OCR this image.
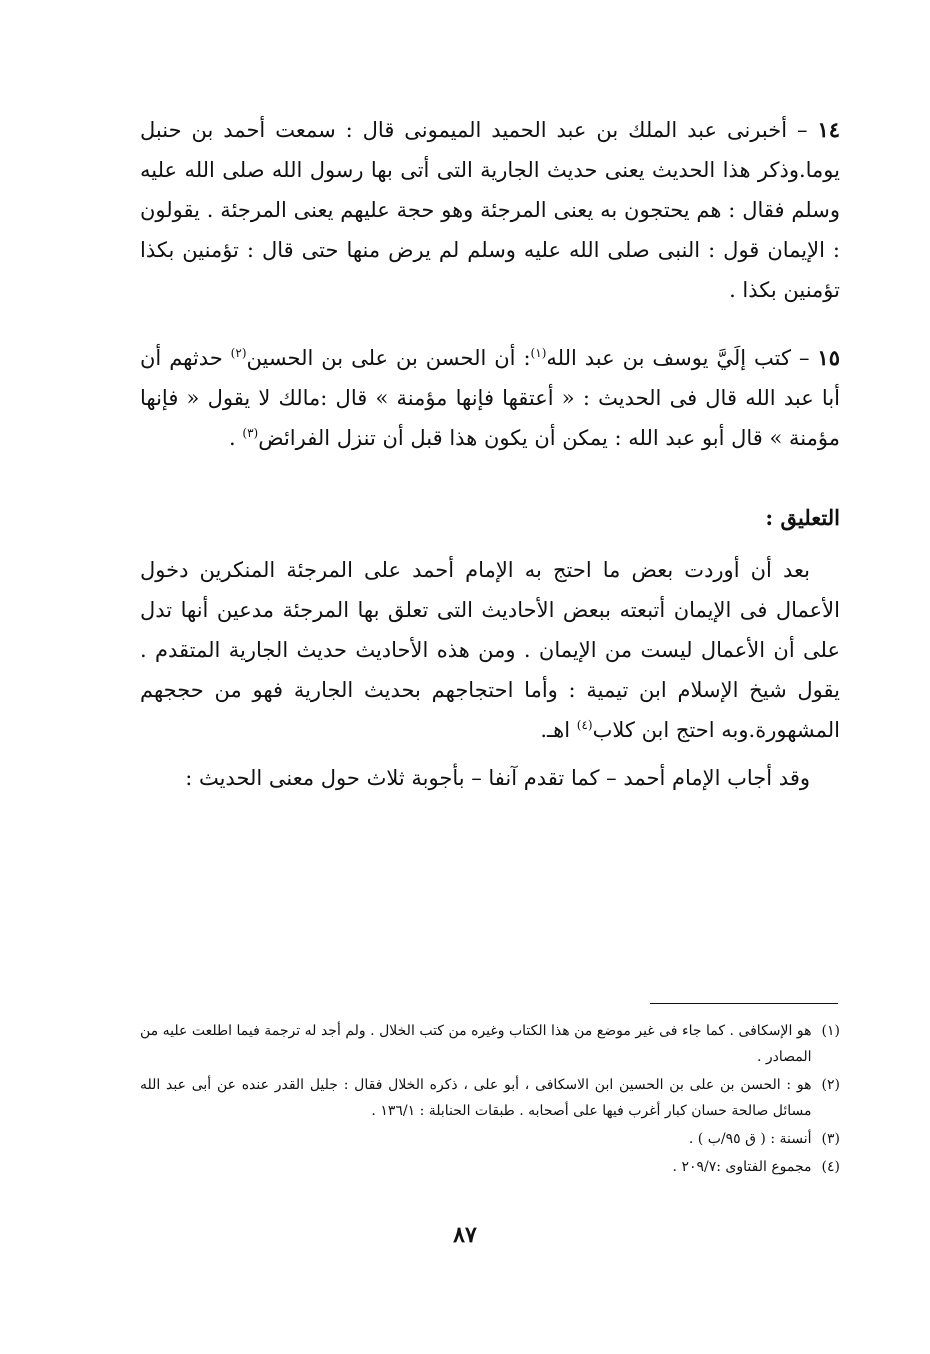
١٤ – أخبرنى عبد الملك بن عبد الحميد الميمونى قال : سمعت أحمد بن حنبل يوما.وذكر هذا الحديث يعنى حديث الجارية التى أتى بها رسول الله صلى الله عليه وسلم فقال : هم يحتجون به يعنى المرجئة وهو حجة عليهم يعنى المرجئة . يقولون : الإيمان قول : النبى صلى الله عليه وسلم لم يرض منها حتى قال : تؤمنين بكذا تؤمنين بكذا .

١٥ – كتب إلَيَّ يوسف بن عبد الله$^{(١)}$: أن الحسن بن على بن الحسين$^{(٢)}$ حدثهم أن أبا عبد الله قال فى الحديث : « أعتقها فإنها مؤمنة » قال :مالك لا يقول « فإنها مؤمنة » قال أبو عبد الله : يمكن أن يكون هذا قبل أن تنزل الفرائض$^{(٣)}$ .

التعليق :

بعد أن أوردت بعض ما احتج به الإمام أحمد على المرجئة المنكرين دخول الأعمال فى الإيمان أتبعته ببعض الأحاديث التى تعلق بها المرجئة مدعين أنها تدل على أن الأعمال ليست من الإيمان . ومن هذه الأحاديث حديث الجارية المتقدم . يقول شيخ الإسلام ابن تيمية : وأما احتجاجهم بحديث الجارية فهو من حججهم المشهورة.وبه احتج ابن كلاب$^{(٤)}$ اهـ.

وقد أجاب الإمام أحمد – كما تقدم آنفا – بأجوبة ثلاث حول معنى الحديث :

(١)
هو الإسكافى . كما جاء فى غير موضع من هذا الكتاب وغيره من كتب الخلال . ولم أجد له ترجمة فيما اطلعت عليه من المصادر .
(٢)
هو : الحسن بن على بن الحسين ابن الاسكافى ، أبو على ، ذكره الخلال فقال : جليل القدر عنده عن أبى عبد الله مسائل صالحة حسان كبار أغرب فيها على أصحابه . طبقات الحنابلة : ١٣٦/١ .
(٣)
أنسنة : ( ق ٩٥/ب ) .
(٤)
مجموع الفتاوى :٢٠٩/٧ .
٨٧
